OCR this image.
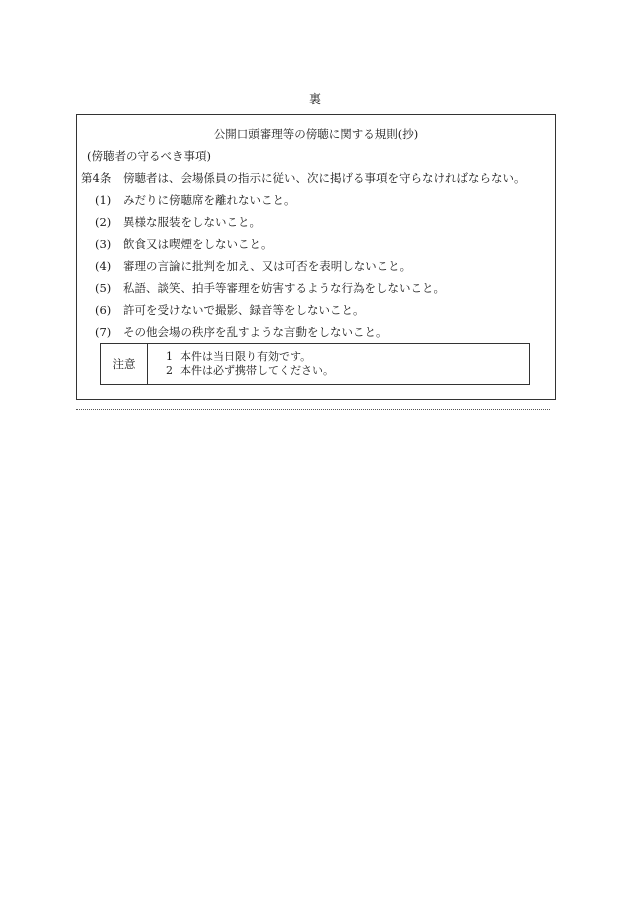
裏
公開口頭審理等の傍聴に関する規則(抄)
(傍聴者の守るべき事項)
第4条 傍聴者は、会場係員の指示に従い、次に掲げる事項を守らなければならない。
(1) みだりに傍聴席を離れないこと。
(2) 異様な服装をしないこと。
(3) 飲食又は喫煙をしないこと。
(4) 審理の言論に批判を加え、又は可否を表明しないこと。
(5) 私語、談笑、拍手等審理を妨害するような行為をしないこと。
(6) 許可を受けないで撮影、録音等をしないこと。
(7) その他会場の秩序を乱すような言動をしないこと。
注意
1 本件は当日限り有効です。
2 本件は必ず携帯してください。
